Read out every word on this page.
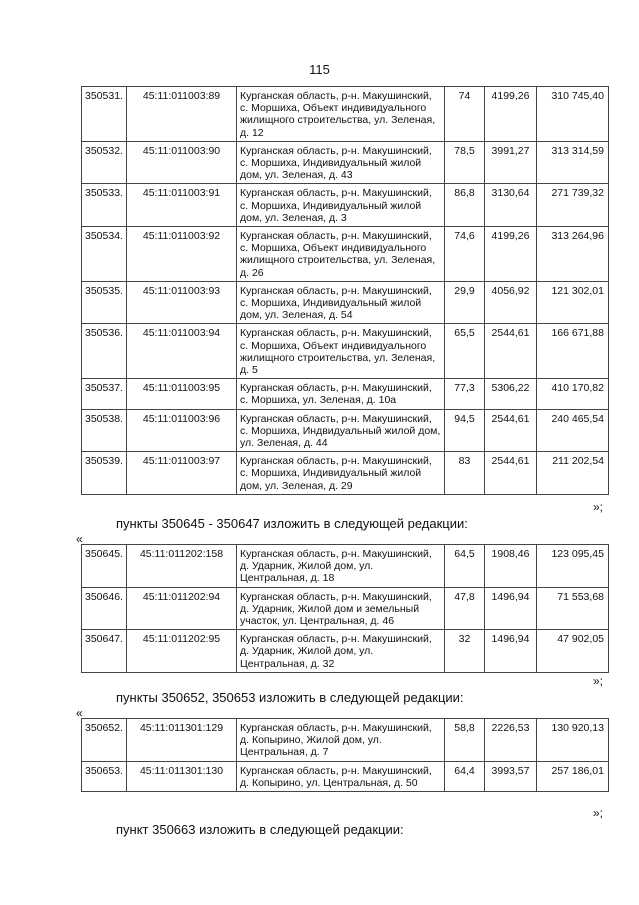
115
350531.	45:11:011003:89	Курганская область, р-н. Макушинский, с. Моршиха, Объект индивидуального жилищного строительства, ул. Зеленая, д. 12	74	4199,26	310 745,40
350532.	45:11:011003:90	Курганская область, р-н. Макушинский, с. Моршиха, Индивидуальный жилой дом, ул. Зеленая, д. 43	78,5	3991,27	313 314,59
350533.	45:11:011003:91	Курганская область, р-н. Макушинский, с. Моршиха, Индивидуальный жилой дом, ул. Зеленая, д. 3	86,8	3130,64	271 739,32
350534.	45:11:011003:92	Курганская область, р-н. Макушинский, с. Моршиха, Объект индивидуального жилищного строительства, ул. Зеленая, д. 26	74,6	4199,26	313 264,96
350535.	45:11:011003:93	Курганская область, р-н. Макушинский, с. Моршиха, Индивидуальный жилой дом, ул. Зеленая, д. 54	29,9	4056,92	121 302,01
350536.	45:11:011003:94	Курганская область, р-н. Макушинский, с. Моршиха, Объект индивидуального жилищного строительства, ул. Зеленая, д. 5	65,5	2544,61	166 671,88
350537.	45:11:011003:95	Курганская область, р-н. Макушинский, с. Моршиха, ул. Зеленая, д. 10а	77,3	5306,22	410 170,82
350538.	45:11:011003:96	Курганская область, р-н. Макушинский, с. Моршиха, Индвидуальный жилой дом, ул. Зеленая, д. 44	94,5	2544,61	240 465,54
350539.	45:11:011003:97	Курганская область, р-н. Макушинский, с. Моршиха, Индивидуальный жилой дом, ул. Зеленая, д. 29	83	2544,61	211 202,54
»;
пункты 350645 - 350647 изложить в следующей редакции:
«
350645.	45:11:011202:158	Курганская область, р-н. Макушинский, д. Ударник, Жилой дом, ул. Центральная, д. 18	64,5	1908,46	123 095,45
350646.	45:11:011202:94	Курганская область, р-н. Макушинский, д. Ударник, Жилой дом и земельный участок, ул. Центральная, д. 46	47,8	1496,94	71 553,68
350647.	45:11:011202:95	Курганская область, р-н. Макушинский, д. Ударник, Жилой дом, ул. Центральная, д. 32	32	1496,94	47 902,05
»;
пункты 350652, 350653 изложить в следующей редакции:
«
350652.	45:11:011301:129	Курганская область, р-н. Макушинский, д. Копырино, Жилой дом, ул. Центральная, д. 7	58,8	2226,53	130 920,13
350653.	45:11:011301:130	Курганская область, р-н. Макушинский, д. Копырино, ул. Центральная, д. 50	64,4	3993,57	257 186,01
»;
пункт 350663 изложить в следующей редакции:
